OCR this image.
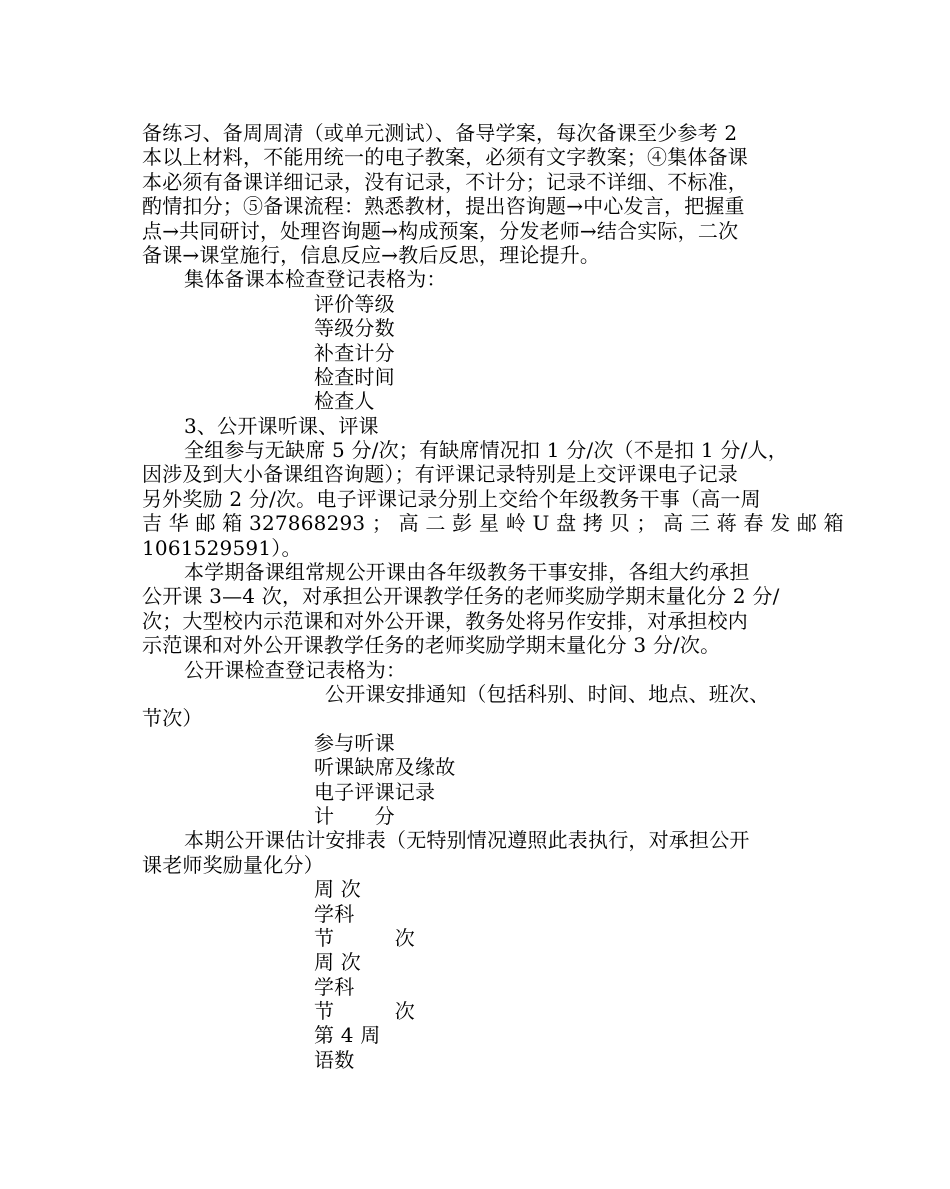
备练习、备周周清（或单元测试）、备导学案，每次备课至少参考 2
本以上材料，不能用统一的电子教案，必须有文字教案；④集体备课
本必须有备课详细记录，没有记录，不计分；记录不详细、不标准，
酌情扣分；⑤备课流程：熟悉教材，提出咨询题→中心发言，把握重
点→共同研讨，处理咨询题→构成预案，分发老师→结合实际，二次
备课→课堂施行，信息反应→教后反思，理论提升。
集体备课本检查登记表格为：
评价等级
等级分数
补查计分
检查时间
检查人
3、公开课听课、评课
全组参与无缺席 5 分/次；有缺席情况扣 1 分/次（不是扣 1 分/人，
因涉及到大小备课组咨询题）；有评课记录特别是上交评课电子记录
另外奖励 2 分/次。电子评课记录分别上交给个年级教务干事（高一周
吉 华 邮 箱 327868293 ； 高 二 彭 星 岭 U 盘 拷 贝 ； 高 三 蒋 春 发 邮 箱
1061529591）。
本学期备课组常规公开课由各年级教务干事安排，各组大约承担
公开课 3—4 次，对承担公开课教学任务的老师奖励学期末量化分 2 分/
次；大型校内示范课和对外公开课，教务处将另作安排，对承担校内
示范课和对外公开课教学任务的老师奖励学期末量化分 3 分/次。
公开课检查登记表格为：
公开课安排通知（包括科别、时间、地点、班次、
节次）
参与听课
听课缺席及缘故
电子评课记录
计　　分
本期公开课估计安排表（无特别情况遵照此表执行，对承担公开
课老师奖励量化分）
周 次
学科
节　　　次
周 次
学科
节　　　次
第 4 周
语数
